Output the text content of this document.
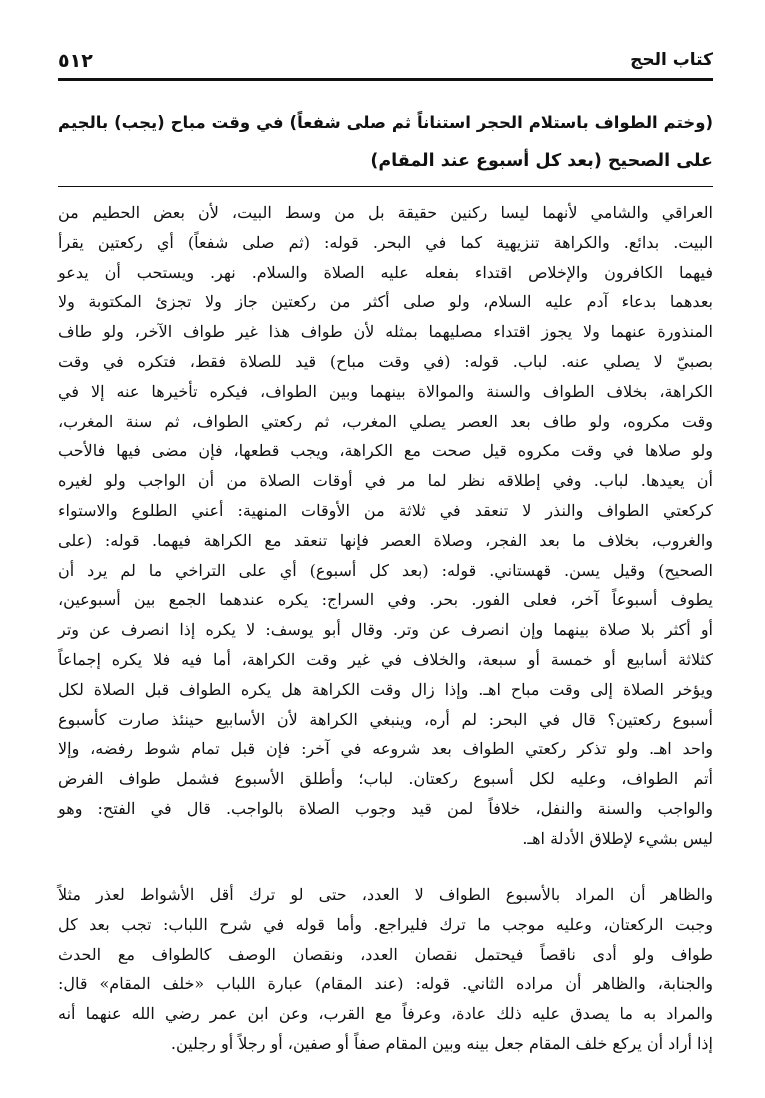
كتاب الحج
٥١٢
(وختم الطواف باستلام الحجر استناناً ثم صلى شفعاً) في وقت مباح (يجب) بالجيم
على الصحيح (بعد كل أسبوع عند المقام)
العراقي والشامي لأنهما ليسا ركنين حقيقة بل من وسط البيت، لأن بعض الحطيم من
البيت. بدائع. والكراهة تنزيهية كما في البحر. قوله: (ثم صلى شفعاً) أي ركعتين يقرأ
فيهما الكافرون والإخلاص اقتداء بفعله عليه الصلاة والسلام. نهر. ويستحب أن يدعو
بعدهما بدعاء آدم عليه السلام، ولو صلى أكثر من ركعتين جاز ولا تجزئ المكتوبة ولا
المنذورة عنهما ولا يجوز اقتداء مصليهما بمثله لأن طواف هذا غير طواف الآخر، ولو طاف
بصبيّ لا يصلي عنه. لباب. قوله: (في وقت مباح) قيد للصلاة فقط، فتكره في وقت
الكراهة، بخلاف الطواف والسنة والموالاة بينهما وبين الطواف، فيكره تأخيرها عنه إلا في
وقت مكروه، ولو طاف بعد العصر يصلي المغرب، ثم ركعتي الطواف، ثم سنة المغرب،
ولو صلاها في وقت مكروه قيل صحت مع الكراهة، ويجب قطعها، فإن مضى فيها فالأحب
أن يعيدها. لباب. وفي إطلاقه نظر لما مر في أوقات الصلاة من أن الواجب ولو لغيره
كركعتي الطواف والنذر لا تنعقد في ثلاثة من الأوقات المنهية: أعني الطلوع والاستواء
والغروب، بخلاف ما بعد الفجر، وصلاة العصر فإنها تنعقد مع الكراهة فيهما. قوله: (على
الصحيح) وقيل يسن. قهستاني. قوله: (بعد كل أسبوع) أي على التراخي ما لم يرد أن
يطوف أسبوعاً آخر، فعلى الفور. بحر. وفي السراج: يكره عندهما الجمع بين أسبوعين،
أو أكثر بلا صلاة بينهما وإن انصرف عن وتر. وقال أبو يوسف: لا يكره إذا انصرف عن وتر
كثلاثة أسابيع أو خمسة أو سبعة، والخلاف في غير وقت الكراهة، أما فيه فلا يكره إجماعاً
ويؤخر الصلاة إلى وقت مباح اهـ. وإذا زال وقت الكراهة هل يكره الطواف قبل الصلاة لكل
أسبوع ركعتين؟ قال في البحر: لم أره، وينبغي الكراهة لأن الأسابيع حينئذ صارت كأسبوع
واحد اهـ. ولو تذكر ركعتي الطواف بعد شروعه في آخر: فإن قبل تمام شوط رفضه، وإلا
أتم الطواف، وعليه لكل أسبوع ركعتان. لباب؛ وأطلق الأسبوع فشمل طواف الفرض
والواجب والسنة والنفل، خلافاً لمن قيد وجوب الصلاة بالواجب. قال في الفتح: وهو
ليس بشيء لإطلاق الأدلة اهـ.
والظاهر أن المراد بالأسبوع الطواف لا العدد، حتى لو ترك أقل الأشواط لعذر مثلاً
وجبت الركعتان، وعليه موجب ما ترك فليراجع. وأما قوله في شرح اللباب: تجب بعد كل
طواف ولو أدى ناقصاً فيحتمل نقصان العدد، ونقصان الوصف كالطواف مع الحدث
والجنابة، والظاهر أن مراده الثاني. قوله: (عند المقام) عبارة اللباب «خلف المقام» قال:
والمراد به ما يصدق عليه ذلك عادة، وعرفاً مع القرب، وعن ابن عمر رضي الله عنهما أنه
إذا أراد أن يركع خلف المقام جعل بينه وبين المقام صفاً أو صفين، أو رجلاً أو رجلين.
